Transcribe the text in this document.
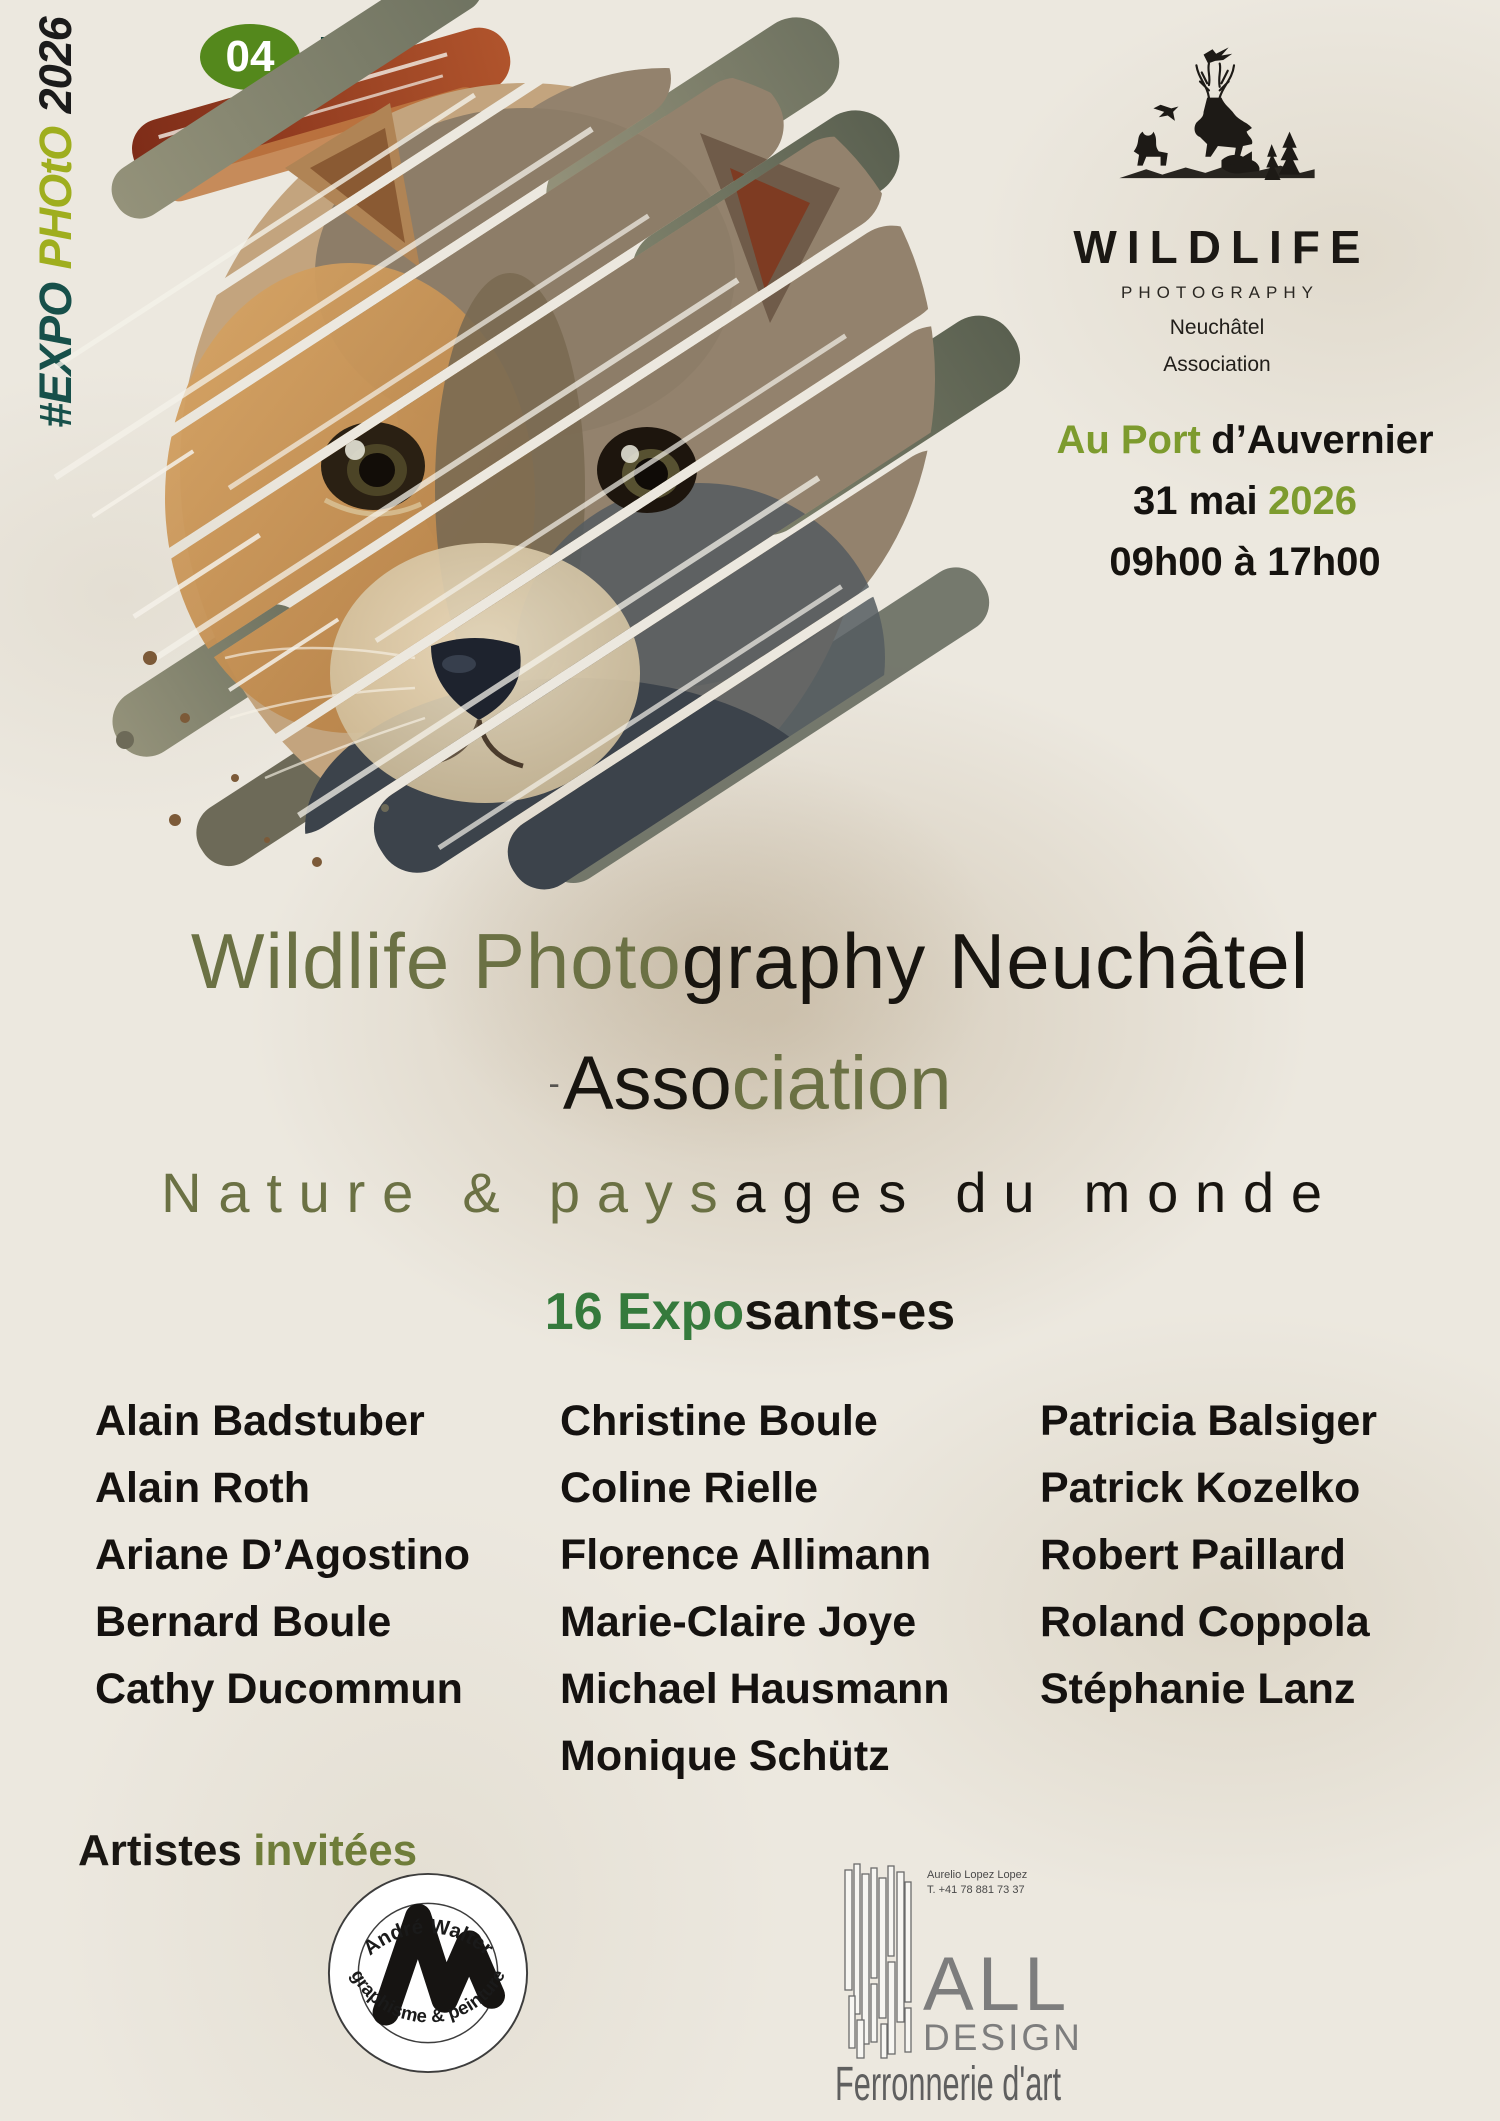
#EXPOPHOtO2026	04
WILDLIFE
PHOTOGRAPHY
Neuchâtel
Association
Au Port d’Auvernier
31 mai 2026
09h00 à 17h00
Wildlife Photography Neuchâtel
-Association
Nature & paysages du monde
16 Exposants-es
Alain Badstuber
Alain Roth
Ariane D’Agostino
Bernard Boule
Cathy Ducommun
Christine Boule
Coline Rielle
Florence Allimann
Marie-Claire Joye
Michael Hausmann
Monique Schütz
Patricia Balsiger
Patrick Kozelko
Robert Paillard
Roland Coppola
Stéphanie Lanz
Artistes invitées
André Walter
graphisme & peinture
Aurelio Lopez Lopez
T. +41 78 881 73 37
ALL
DESIGN
Ferronnerie d'art
